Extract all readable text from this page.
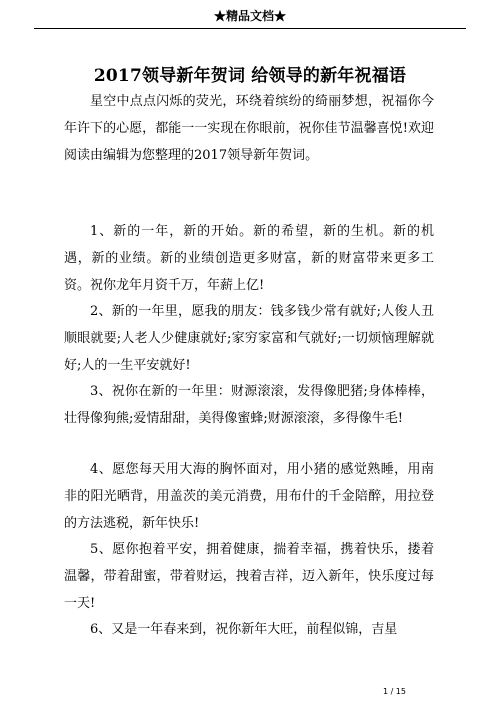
★精品文档★
2017领导新年贺词 给领导的新年祝福语

星空中点点闪烁的荧光，环绕着缤纷的绮丽梦想，祝福你今年许下的心愿，都能一一实现在你眼前，祝你佳节温馨喜悦!欢迎阅读由编辑为您整理的2017领导新年贺词。

1、新的一年，新的开始。新的希望，新的生机。新的机遇，新的业绩。新的业绩创造更多财富，新的财富带来更多工资。祝你龙年月资千万，年薪上亿!

2、新的一年里，愿我的朋友：钱多钱少常有就好;人俊人丑顺眼就要;人老人少健康就好;家穷家富和气就好;一切烦恼理解就好;人的一生平安就好!

3、祝你在新的一年里：财源滚滚，发得像肥猪;身体棒棒，壮得像狗熊;爱情甜甜，美得像蜜蜂;财源滚滚，多得像牛毛!

4、愿您每天用大海的胸怀面对，用小猪的感觉熟睡，用南非的阳光晒背，用盖茨的美元消费，用布什的千金陪醉，用拉登的方法逃税，新年快乐!

5、愿你抱着平安，拥着健康，揣着幸福，携着快乐，搂着温馨，带着甜蜜，带着财运，拽着吉祥，迈入新年，快乐度过每一天!

6、又是一年春来到，祝你新年大旺，前程似锦，吉星

1 / 15
